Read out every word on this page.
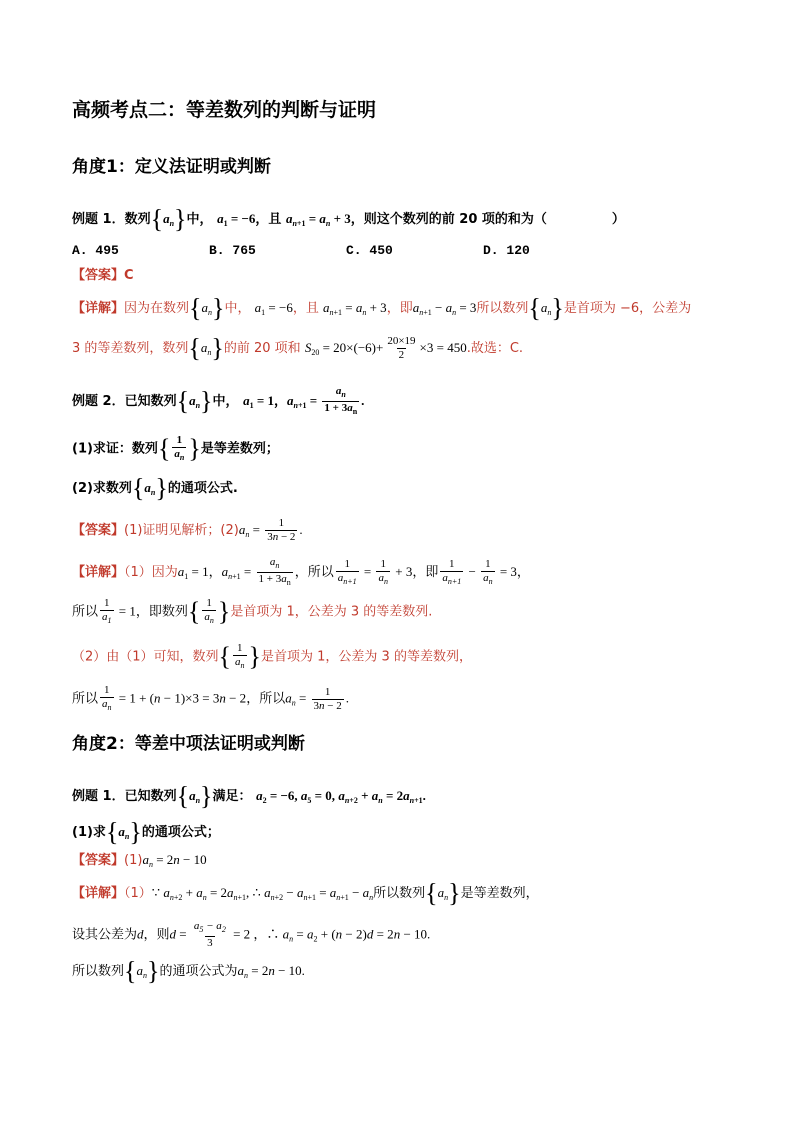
高频考点二：等差数列的判断与证明
角度1：定义法证明或判断
例题 1．数列$\{a_n\}$中， $a_1 = -6$，且 $a_{n+1} = a_n + 3$，则这个数列的前 20 项的和为（　　　　　）
A. 495	B. 765	C. 450	D. 120
【答案】C
【详解】因为在数列$\{a_n\}$中， $a_1 = -6$，且 $a_{n+1} = a_n + 3$，即$a_{n+1} - a_n = 3$所以数列$\{a_n\}$是首项为 −6，公差为
3 的等差数列，数列$\{a_n\}$的前 20 项和 $S_{20} = 20\times(-6)+ \frac{20\times 19}{2} \times 3 = 450$.故选：C.
例题 2．已知数列$\{a_n\}$中， $a_1 = 1$，$a_{n+1} = \frac{a_n}{1 + 3a_n}$ .
(1)求证：数列{ $\frac{1}{a_n}$ }是等差数列；
(2)求数列$\{a_n\}$的通项公式.
【答案】(1)证明见解析；$(2)a_n = \frac{1}{3n - 2}$ .
【详解】（1）因为$a_1 = 1$，$a_{n+1} = \frac{a_n}{1 + 3a_n}$ ，所以 $\frac{1}{a_{n+1}} = \frac{1}{a_n} + 3$，即 $\frac{1}{a_{n+1}} - \frac{1}{a_n} = 3$，
所以 $\frac{1}{a_1} = 1$，即数列{ $\frac{1}{a_n}$ }是首项为 1，公差为 3 的等差数列.
（2）由（1）可知，数列{ $\frac{1}{a_n}$ }是首项为 1，公差为 3 的等差数列，
所以 $\frac{1}{a_n} = 1 + (n - 1)\times 3 = 3n - 2$，所以$a_n = \frac{1}{3n - 2}$ .
角度2：等差中项法证明或判断
例题 1．已知数列$\{a_n\}$满足： $a_2 = -6$, $a_5 = 0$, $a_{n+2} + a_n = 2a_{n+1}$.
(1)求$\{a_n\}$的通项公式；
【答案】$(1)a_n = 2n - 10$
【详解】（1）∵ $a_{n+2} + a_n = 2a_{n+1}$, ∴ $a_{n+2} - a_{n+1} = a_{n+1} - a_n$所以数列$\{a_n\}$是等差数列，
设其公差为d，则$d = \frac{a_5 - a_2}{3} = 2$ ，∴ $a_n = a_2 + (n - 2)d = 2n - 10$.
所以数列$\{a_n\}$的通项公式为$a_n = 2n - 10$.
